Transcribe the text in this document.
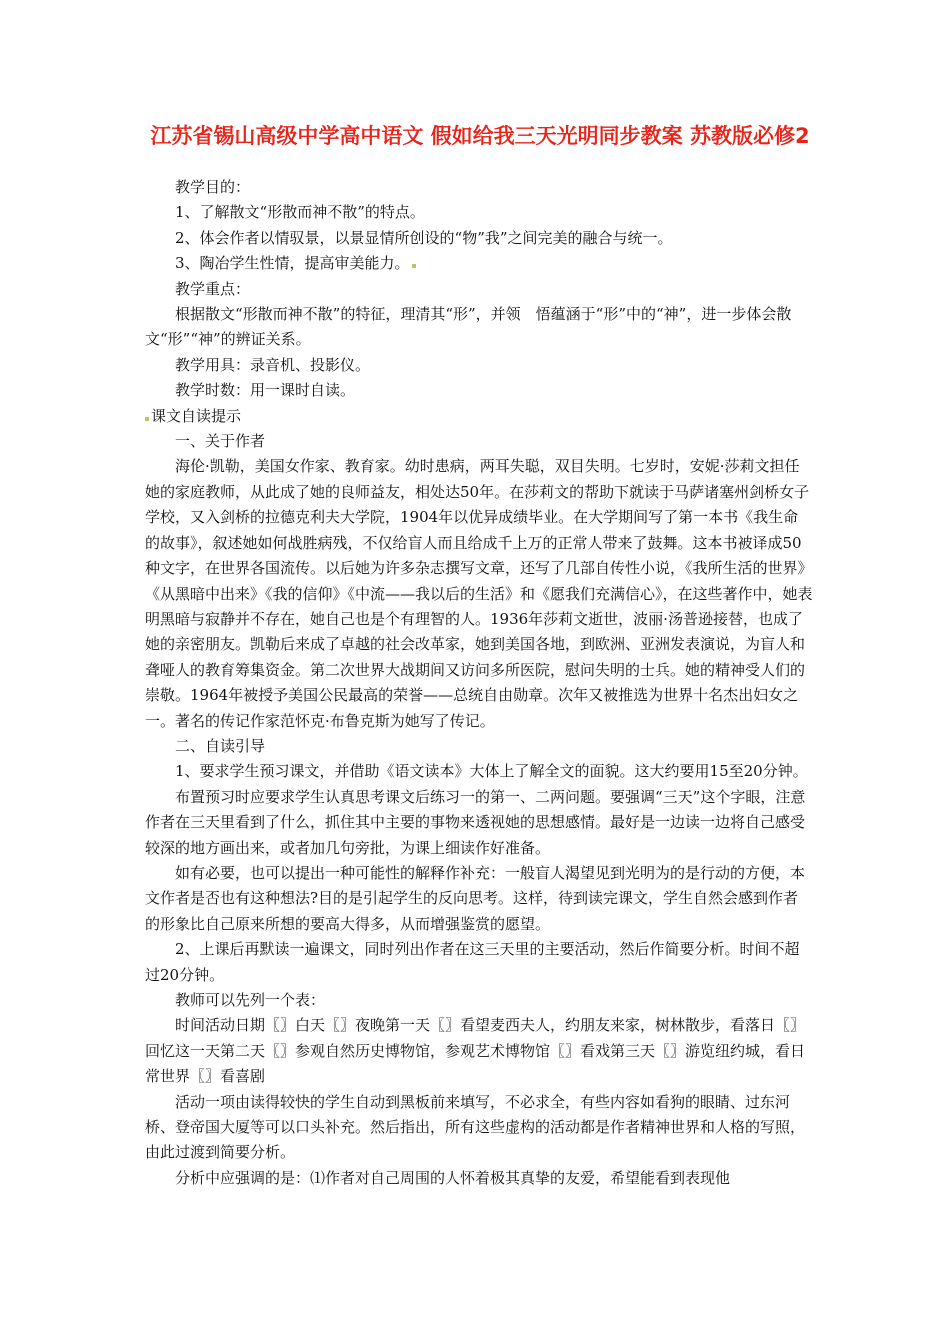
江苏省锡山高级中学高中语文 假如给我三天光明同步教案 苏教版必修2

教学目的：

1、了解散文“形散而神不散”的特点。

2、体会作者以情驭景，以景显情所创设的“物”我”之间完美的融合与统一。

3、陶冶学生性情，提高审美能力。

教学重点：

根据散文“形散而神不散”的特征，理清其“形”，并领　悟蕴涵于“形”中的“神”，进一步体会散文“形”“神”的辨证关系。

教学用具：录音机、投影仪。

教学时数：用一课时自读。

课文自读提示

一、关于作者

海伦·凯勒，美国女作家、教育家。幼时患病，两耳失聪，双目失明。七岁时，安妮·莎莉文担任她的家庭教师，从此成了她的良师益友，相处达50年。在莎莉文的帮助下就读于马萨诸塞州剑桥女子学校，又入剑桥的拉德克利夫大学院，1904年以优异成绩毕业。在大学期间写了第一本书《我生命的故事》，叙述她如何战胜病残，不仅给盲人而且给成千上万的正常人带来了鼓舞。这本书被译成50种文字，在世界各国流传。以后她为许多杂志撰写文章，还写了几部自传性小说，《我所生活的世界》《从黑暗中出来》《我的信仰》《中流——我以后的生活》和《愿我们充满信心》，在这些著作中，她表明黑暗与寂静并不存在，她自己也是个有理智的人。1936年莎莉文逝世，波丽·汤普逊接替，也成了她的亲密朋友。凯勒后来成了卓越的社会改革家，她到美国各地，到欧洲、亚洲发表演说，为盲人和聋哑人的教育筹集资金。第二次世界大战期间又访问多所医院，慰问失明的士兵。她的精神受人们的崇敬。1964年被授予美国公民最高的荣誉——总统自由勋章。次年又被推选为世界十名杰出妇女之一。著名的传记作家范怀克·布鲁克斯为她写了传记。

二、自读引导

1、要求学生预习课文，并借助《语文读本》大体上了解全文的面貌。这大约要用15至20分钟。

布置预习时应要求学生认真思考课文后练习一的第一、二两问题。要强调“三天”这个字眼，注意作者在三天里看到了什么，抓住其中主要的事物来透视她的思想感情。最好是一边读一边将自己感受较深的地方画出来，或者加几句旁批，为课上细读作好准备。

如有必要，也可以提出一种可能性的解释作补充：一般盲人渴望见到光明为的是行动的方便，本文作者是否也有这种想法?目的是引起学生的反向思考。这样，待到读完课文，学生自然会感到作者的形象比自己原来所想的要高大得多，从而增强鉴赏的愿望。

2、上课后再默读一遍课文，同时列出作者在这三天里的主要活动，然后作简要分析。时间不超过20分钟。

教师可以先列一个表：

时间活动日期〖〗白天〖〗夜晚第一天〖〗看望麦西夫人，约朋友来家，树林散步，看落日〖〗回忆这一天第二天〖〗参观自然历史博物馆，参观艺术博物馆〖〗看戏第三天〖〗游览纽约城，看日常世界〖〗看喜剧

活动一项由读得较快的学生自动到黑板前来填写，不必求全，有些内容如看狗的眼睛、过东河桥、登帝国大厦等可以口头补充。然后指出，所有这些虚构的活动都是作者精神世界和人格的写照，由此过渡到简要分析。

分析中应强调的是：⑴作者对自己周围的人怀着极其真挚的友爱，希望能看到表现他
